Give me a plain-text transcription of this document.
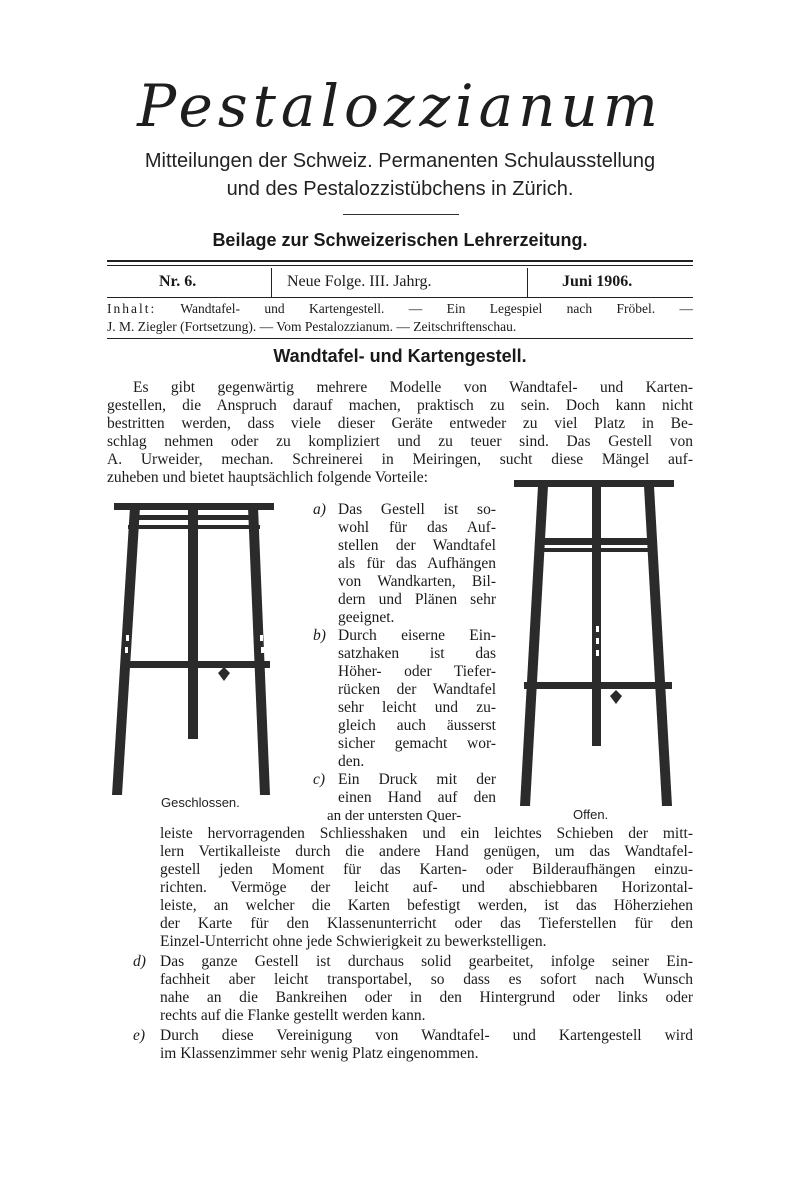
Pestalozzianum
Mitteilungen der Schweiz. Permanenten Schulausstellung
und des Pestalozzistübchens in Zürich.
Beilage zur Schweizerischen Lehrerzeitung.
Nr. 6.	Neue Folge. III. Jahrg.	Juni 1906.
Inhalt: Wandtafel- und Kartengestell. — Ein Legespiel nach Fröbel. —
J. M. Ziegler (Fortsetzung). — Vom Pestalozzianum. — Zeitschriftenschau.
Wandtafel- und Kartengestell.
Es gibt gegenwärtig mehrere Modelle von Wandtafel- und Karten-
gestellen, die Anspruch darauf machen, praktisch zu sein. Doch kann nicht
bestritten werden, dass viele dieser Geräte entweder zu viel Platz in Be-
schlag nehmen oder zu kompliziert und zu teuer sind. Das Gestell von
A. Urweider, mechan. Schreinerei in Meiringen, sucht diese Mängel auf-
zuheben und bietet hauptsächlich folgende Vorteile:
Geschlossen.
Offen.
a) Das Gestell ist so-
wohl für das Auf-
stellen der Wandtafel
als für das Aufhängen
von Wandkarten, Bil-
dern und Plänen sehr
geeignet.
b) Durch eiserne Ein-
satzhaken ist das
Höher- oder Tiefer-
rücken der Wandtafel
sehr leicht und zu-
gleich auch äusserst
sicher gemacht wor-
den.
c) Ein Druck mit der
einen Hand auf den
an der untersten Quer-
leiste hervorragenden Schliesshaken und ein leichtes Schieben der mitt-
lern Vertikalleiste durch die andere Hand genügen, um das Wandtafel-
gestell jeden Moment für das Karten- oder Bilderaufhängen einzu-
richten. Vermöge der leicht auf- und abschiebbaren Horizontal-
leiste, an welcher die Karten befestigt werden, ist das Höherziehen
der Karte für den Klassenunterricht oder das Tieferstellen für den
Einzel-Unterricht ohne jede Schwierigkeit zu bewerkstelligen.
d) Das ganze Gestell ist durchaus solid gearbeitet, infolge seiner Ein-
fachheit aber leicht transportabel, so dass es sofort nach Wunsch
nahe an die Bankreihen oder in den Hintergrund oder links oder
rechts auf die Flanke gestellt werden kann.
e) Durch diese Vereinigung von Wandtafel- und Kartengestell wird
im Klassenzimmer sehr wenig Platz eingenommen.
